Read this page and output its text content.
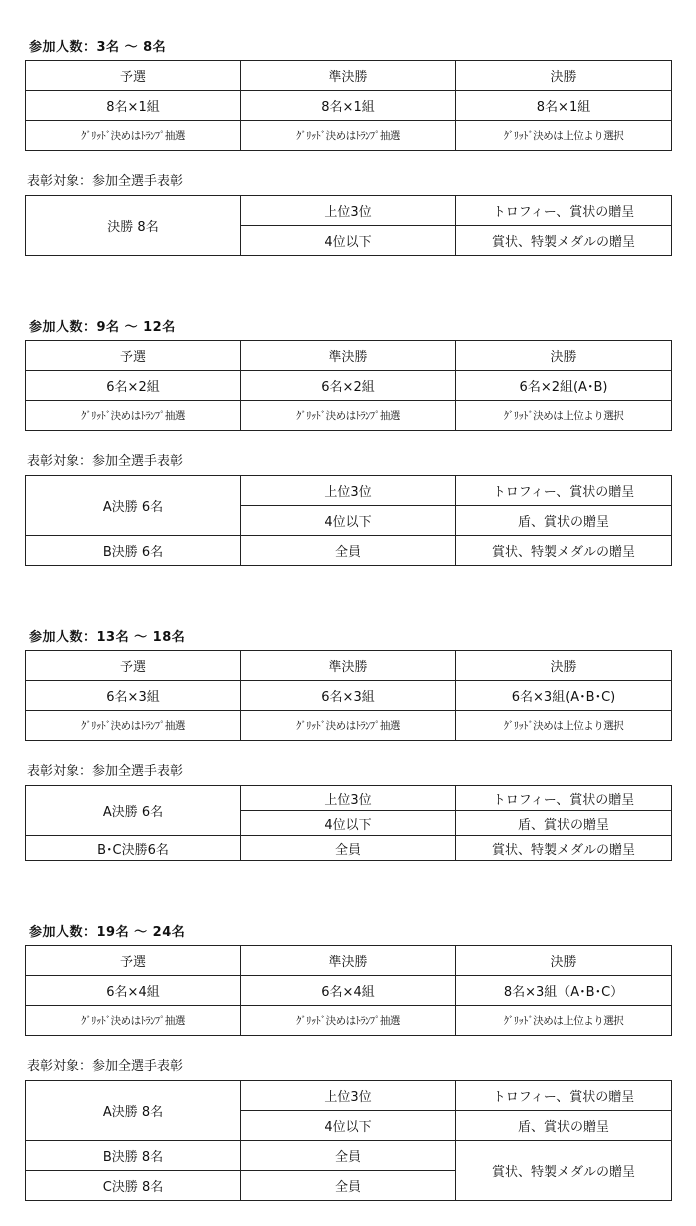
参加人数：3名 ～ 8名
予選	準決勝	決勝
8名×1組	8名×1組	8名×1組
ｸﾞﾘｯﾄﾞ決めはﾄﾗﾝﾌﾟ抽選	ｸﾞﾘｯﾄﾞ決めはﾄﾗﾝﾌﾟ抽選	ｸﾞﾘｯﾄﾞ決めは上位より選択
表彰対象：参加全選手表彰
決勝 8名	上位3位	トロフィー、賞状の贈呈
	4位以下	賞状、特製メダルの贈呈
参加人数：9名 ～ 12名
予選	準決勝	決勝
6名×2組	6名×2組	6名×2組(A･B)
ｸﾞﾘｯﾄﾞ決めはﾄﾗﾝﾌﾟ抽選	ｸﾞﾘｯﾄﾞ決めはﾄﾗﾝﾌﾟ抽選	ｸﾞﾘｯﾄﾞ決めは上位より選択
表彰対象：参加全選手表彰
A決勝 6名	上位3位	トロフィー、賞状の贈呈
	4位以下	盾、賞状の贈呈
B決勝 6名	全員	賞状、特製メダルの贈呈
参加人数：13名 ～ 18名
予選	準決勝	決勝
6名×3組	6名×3組	6名×3組(A･B･C)
ｸﾞﾘｯﾄﾞ決めはﾄﾗﾝﾌﾟ抽選	ｸﾞﾘｯﾄﾞ決めはﾄﾗﾝﾌﾟ抽選	ｸﾞﾘｯﾄﾞ決めは上位より選択
表彰対象：参加全選手表彰
A決勝 6名	上位3位	トロフィー、賞状の贈呈
	4位以下	盾、賞状の贈呈
B･C決勝6名	全員	賞状、特製メダルの贈呈
参加人数：19名 ～ 24名
予選	準決勝	決勝
6名×4組	6名×4組	8名×3組（A･B･C）
ｸﾞﾘｯﾄﾞ決めはﾄﾗﾝﾌﾟ抽選	ｸﾞﾘｯﾄﾞ決めはﾄﾗﾝﾌﾟ抽選	ｸﾞﾘｯﾄﾞ決めは上位より選択
表彰対象：参加全選手表彰
A決勝 8名	上位3位	トロフィー、賞状の贈呈
	4位以下	盾、賞状の贈呈
B決勝 8名	全員	賞状、特製メダルの贈呈
C決勝 8名	全員	
